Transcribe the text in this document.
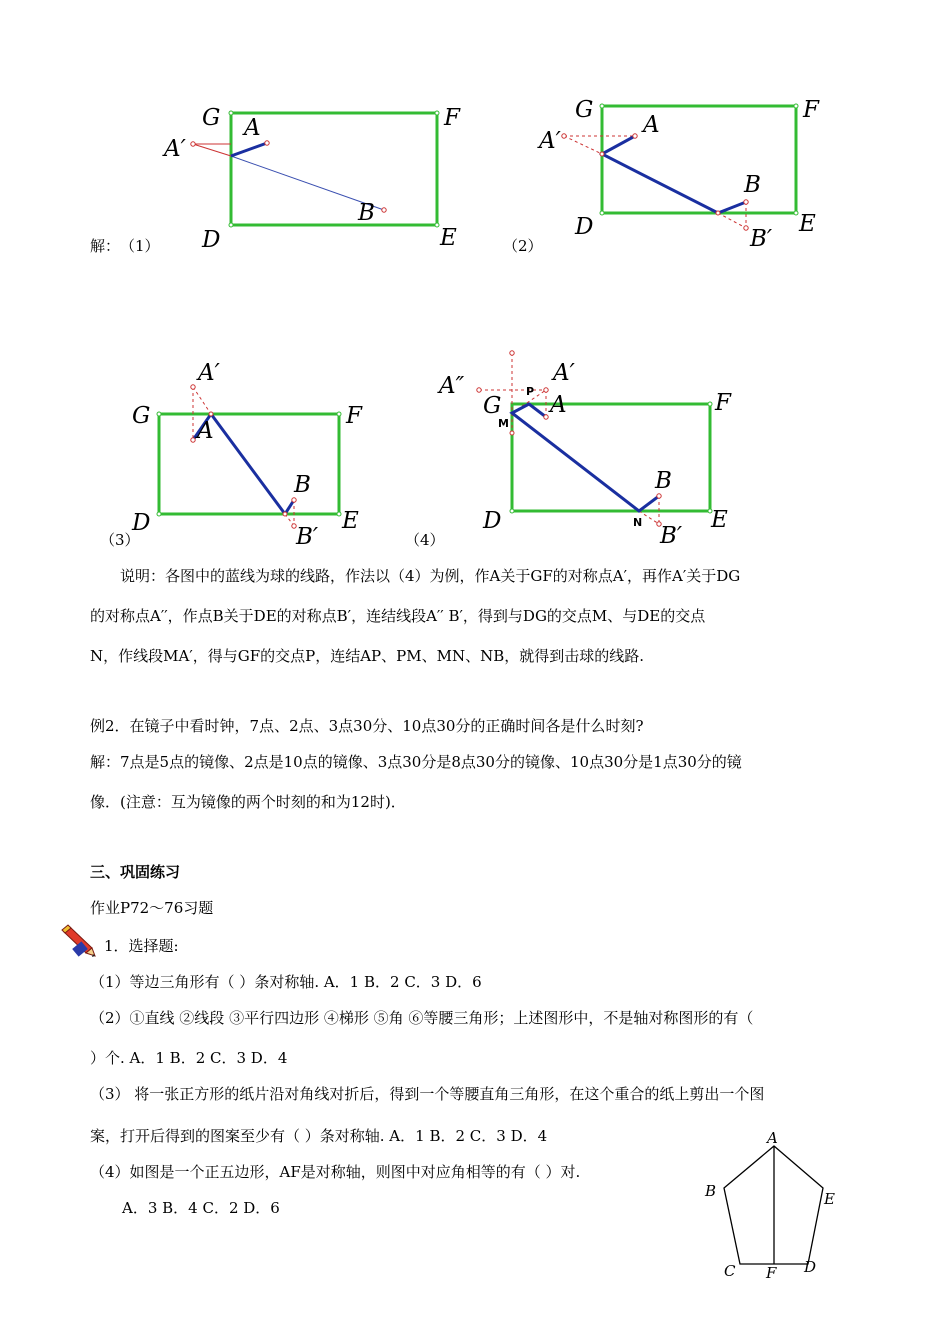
G	F
A
A′
B
D	E
解： （1）	（2）
G	F
A
A′
B
B′
D	E
（3）
A′
G	F
A
B
B′
D	E
（4）
A″	A′
P
G A
M
F
B
N
B′
D	E
说明：各图中的蓝线为球的线路，作法以（4）为例，作A关于GF的对称点A′，再作A′关于DG
的对称点A′′，作点B关于DE的对称点B′，连结线段A′′ B′，得到与DG的交点M、与DE的交点
N，作线段MA′，得与GF的交点P，连结AP、PM、MN、NB，就得到击球的线路.
例2．在镜子中看时钟，7点、2点、3点30分、10点30分的正确时间各是什么时刻?
解：7点是5点的镜像、2点是10点的镜像、3点30分是8点30分的镜像、10点30分是1点30分的镜
像．(注意：互为镜像的两个时刻的和为12时)．
三、巩固练习
作业P72～76习题
1．选择题:
（1）等边三角形有（ ）条对称轴. A．1 B．2 C．3 D．6
（2）①直线 ②线段 ③平行四边形 ④梯形 ⑤角 ⑥等腰三角形；上述图形中，不是轴对称图形的有（
）个. A．1 B．2 C．3 D．4
（3） 将一张正方形的纸片沿对角线对折后，得到一个等腰直角三角形，在这个重合的纸上剪出一个图
案，打开后得到的图案至少有（ ）条对称轴. A．1 B．2 C．3 D．4
（4）如图是一个正五边形，AF是对称轴，则图中对应角相等的有（ ）对.
A．3 B．4 C．2 D．6
A
B	E
C F D
